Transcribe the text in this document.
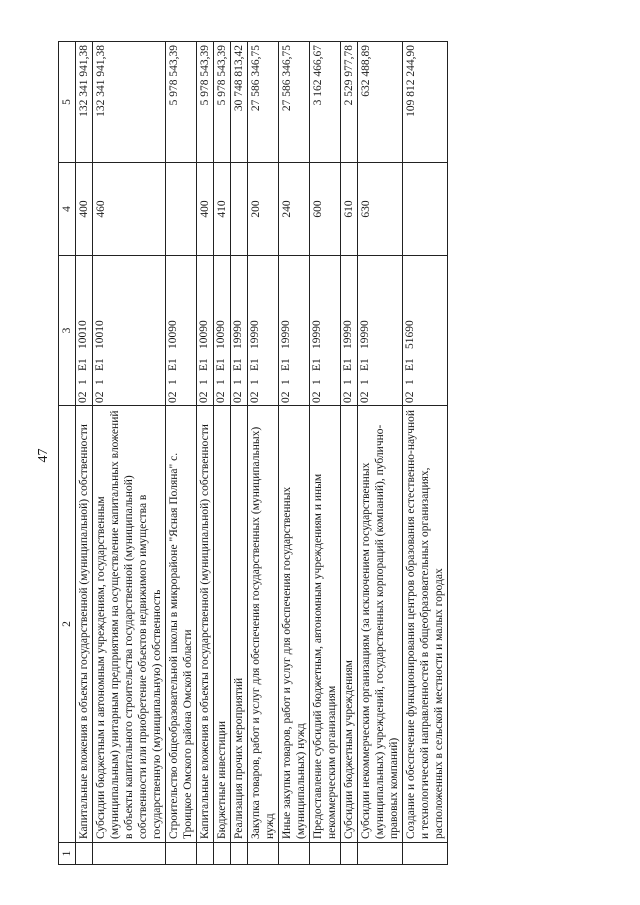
47
1	2	3	4	5
	Капитальные вложения в объекты государственной (муниципальной) собственности	021E110010	400	132 341 941,38
	Субсидии бюджетным и автономным учреждениям, государственным (муниципальным) унитарным предприятиям на осуществление капитальных вложений в объекты капитального строительства государственной (муниципальной) собственности или приобретение объектов недвижимого имущества в государственную (муниципальную) собственность	021E110010	460	132 341 941,38
	Строительство общеобразовательной школы в микрорайоне "Ясная Поляна" с. Троицкое Омского района Омской области	021E110090		5 978 543,39
	Капитальные вложения в объекты государственной (муниципальной) собственности	021E110090	400	5 978 543,39
	Бюджетные инвестиции	021E110090	410	5 978 543,39
	Реализация прочих мероприятий	021E119990		30 748 813,42
	Закупка товаров, работ и услуг для обеспечения государственных (муниципальных) нужд	021E119990	200	27 586 346,75
	Иные закупки товаров, работ и услуг для обеспечения государственных (муниципальных) нужд	021E119990	240	27 586 346,75
	Предоставление субсидий бюджетным, автономным учреждениям и иным некоммерческим организациям	021E119990	600	3 162 466,67
	Субсидии бюджетным учреждениям	021E119990	610	2 529 977,78
	Субсидии некоммерческим организациям (за исключением государственных (муниципальных) учреждений, государственных корпораций (компаний), публично-правовых компаний)	021E119990	630	632 488,89
	Создание и обеспечение функционирования центров образования естественно-научной и технологической направленностей в общеобразовательных организациях, расположенных в сельской местности и малых городах	021E151690		109 812 244,90
